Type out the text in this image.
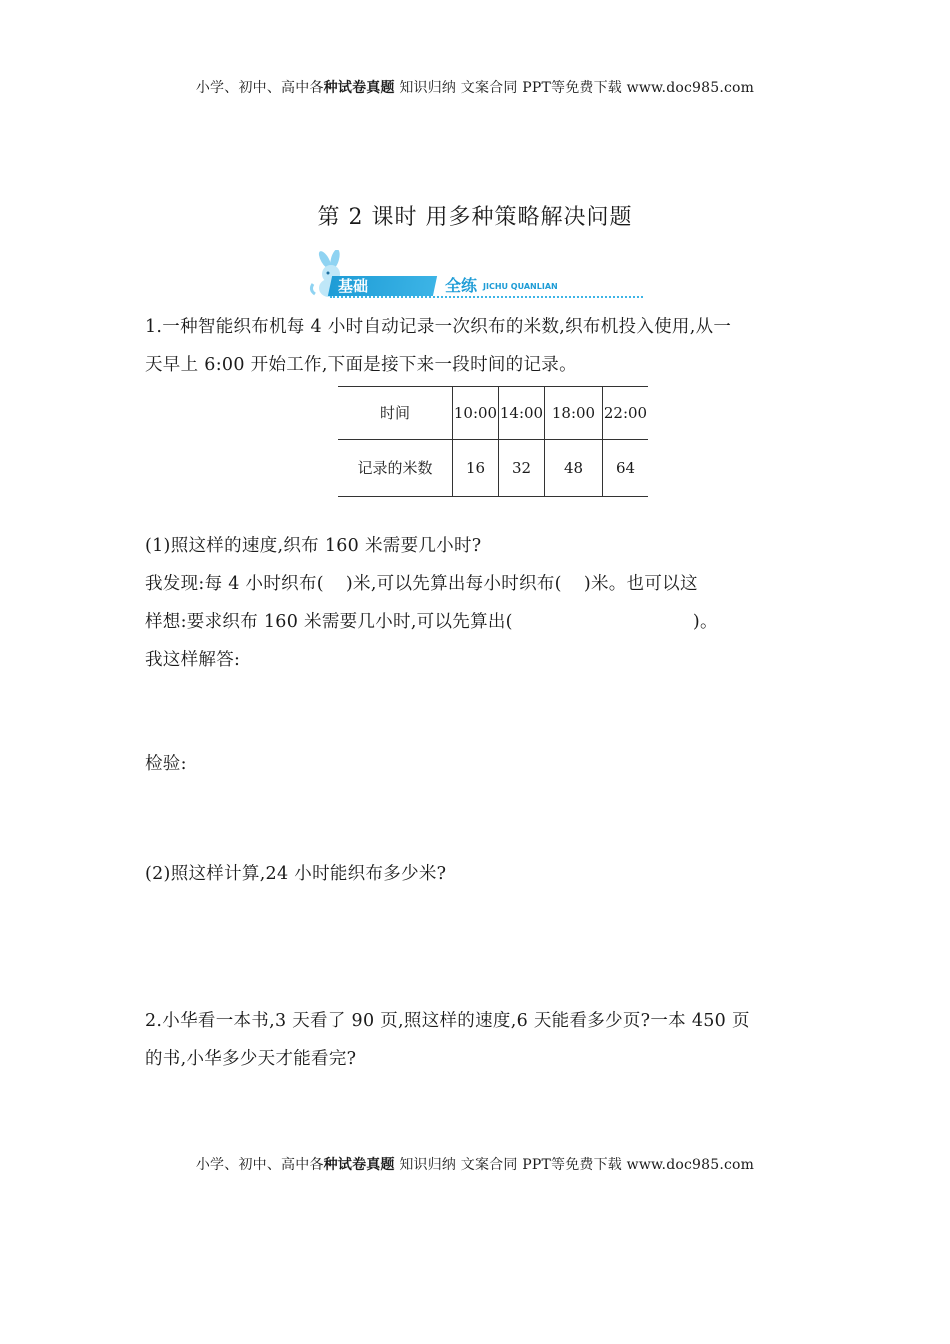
小学、初中、高中各种试卷真题 知识归纳 文案合同 PPT等免费下载 www.doc985.com
第 2 课时 用多种策略解决问题
基础	全练 JICHU QUANLIAN
1.一种智能织布机每 4 小时自动记录一次织布的米数,织布机投入使用,从一
天早上 6:00 开始工作,下面是接下来一段时间的记录。
时间	10:00	14:00	18:00	22:00
记录的米数	16	32	48	64
(1)照这样的速度,织布 160 米需要几小时?
我发现:每 4 小时织布( )米,可以先算出每小时织布( )米。也可以这
样想:要求织布 160 米需要几小时,可以先算出(	)。
我这样解答:
检验:
(2)照这样计算,24 小时能织布多少米?
2.小华看一本书,3 天看了 90 页,照这样的速度,6 天能看多少页?一本 450 页
的书,小华多少天才能看完?
小学、初中、高中各种试卷真题 知识归纳 文案合同 PPT等免费下载 www.doc985.com
